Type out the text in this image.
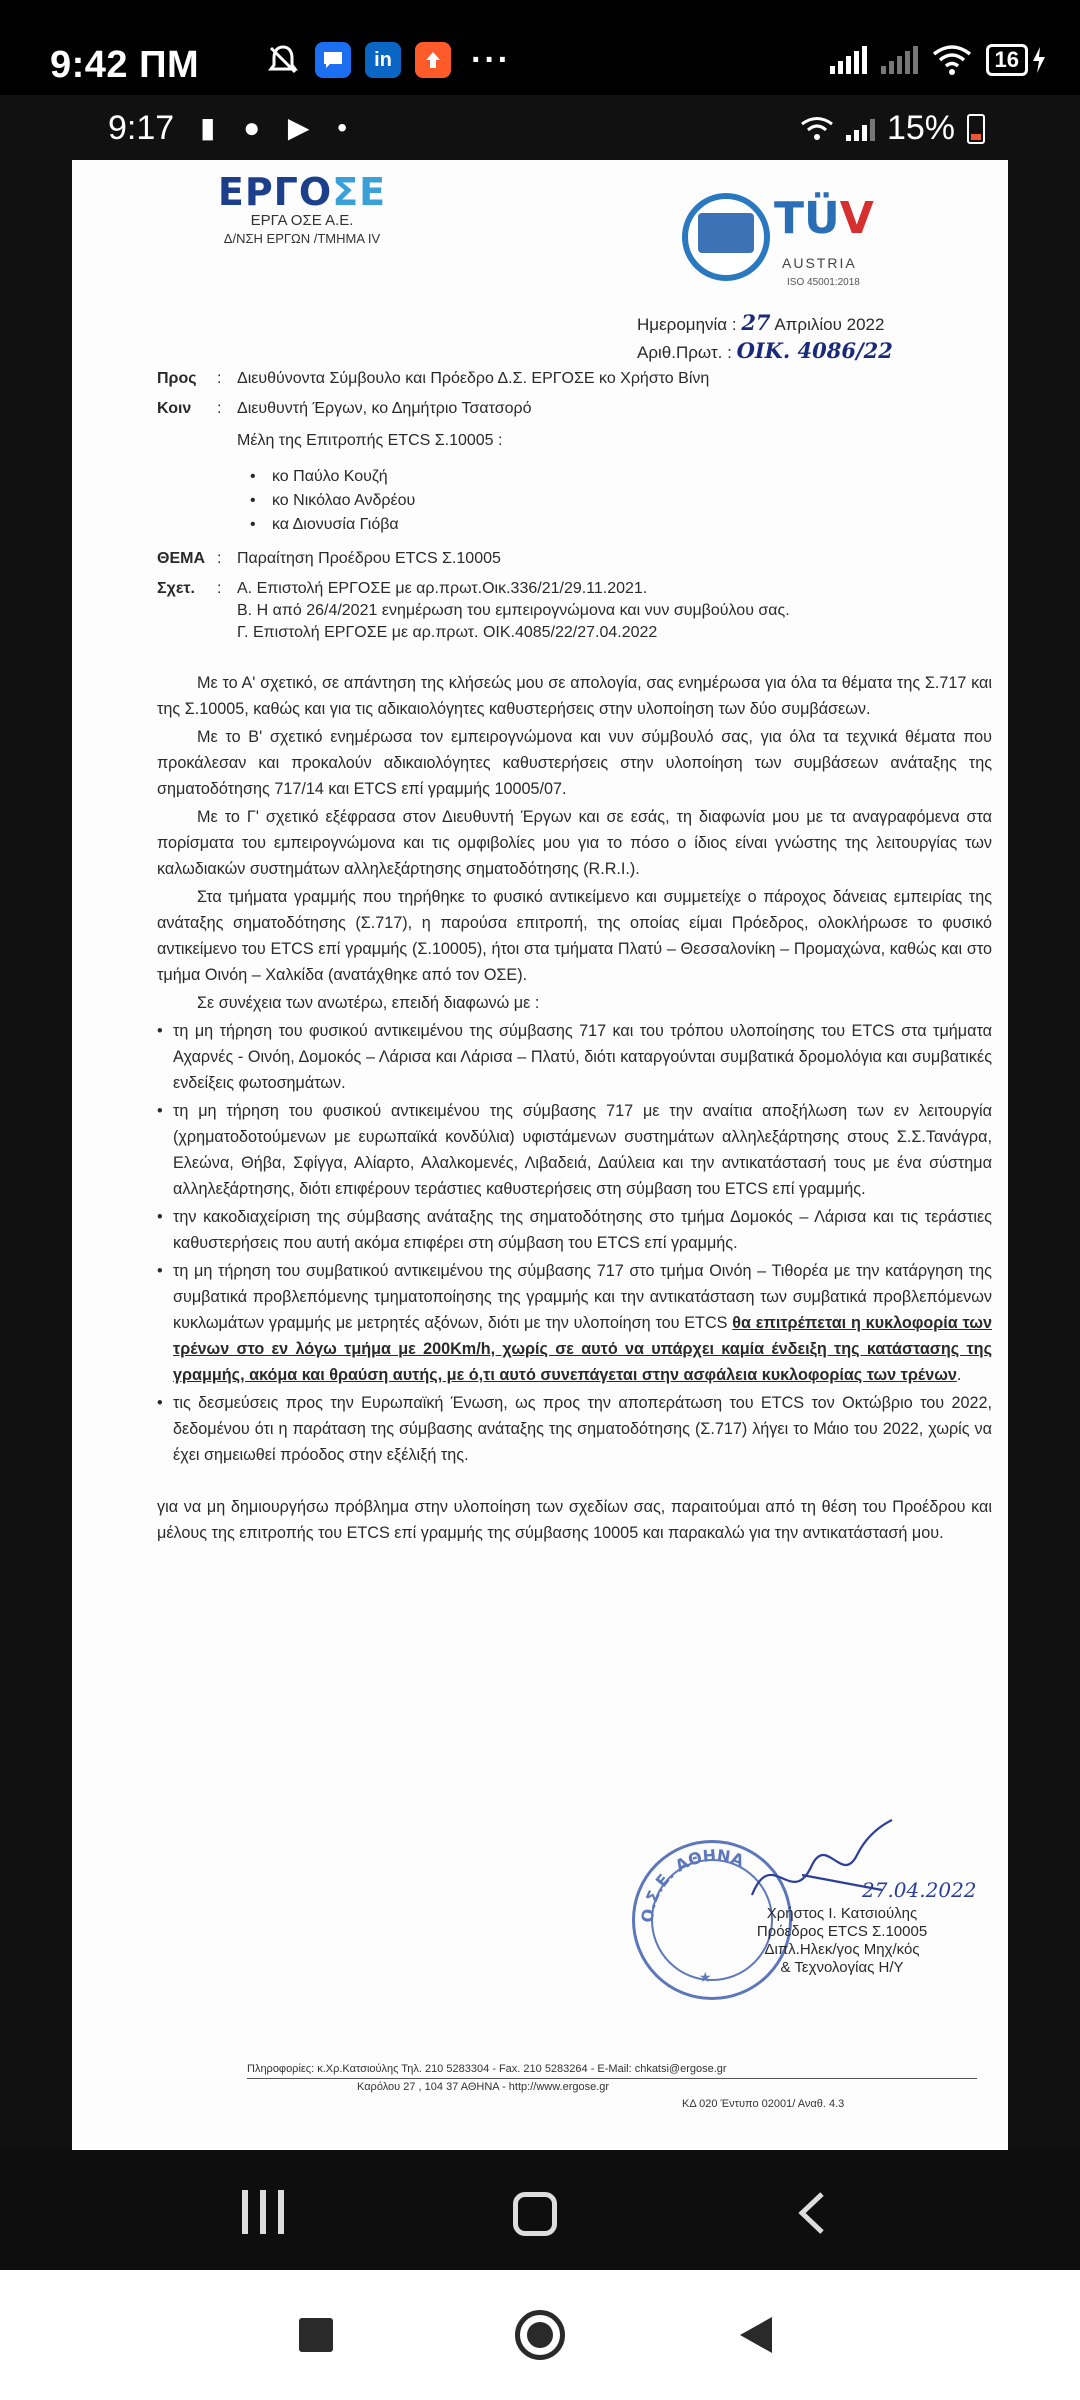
9:42 ΠΜ	in ···	16
9:17 ▮ ● ▶ •	15%
ΕΡΓΟΣΕ
ΕΡΓΑ ΟΣΕ Α.Ε.
Δ/ΝΣΗ ΕΡΓΩΝ /ΤΜΗΜΑ IV	TÜV
AUSTRIA
ISO 45001:2018
Ημερομηνία : 27 Απριλίου 2022
Αριθ.Πρωτ. : ΟΙΚ. 4086/22
Προς	: Διευθύνοντα Σύμβουλο και Πρόεδρο Δ.Σ. ΕΡΓΟΣΕ κο Χρήστο Βίνη
Κοιν	: Διευθυντή Έργων, κο Δημήτριο Τσατσορό
Μέλη της Επιτροπής ETCS Σ.10005 :
• κο Παύλο Κουζή
• κο Νικόλαο Ανδρέου
• κα Διονυσία Γιόβα
ΘΕΜΑ : Παραίτηση Προέδρου ETCS Σ.10005
Σχετ.	: Α. Επιστολή ΕΡΓΟΣΕ με αρ.πρωτ.Οικ.336/21/29.11.2021.
Β. Η από 26/4/2021 ενημέρωση του εμπειρογνώμονα και νυν συμβούλου σας.
Γ. Επιστολή ΕΡΓΟΣΕ με αρ.πρωτ. ΟΙΚ.4085/22/27.04.2022

Με το Α' σχετικό, σε απάντηση της κλήσεώς μου σε απολογία, σας ενημέρωσα για όλα τα θέματα της Σ.717 και της Σ.10005, καθώς και για τις αδικαιολόγητες καθυστερήσεις στην υλοποίηση των δύο συμβάσεων.

Με το Β' σχετικό ενημέρωσα τον εμπειρογνώμονα και νυν σύμβουλό σας, για όλα τα τεχνικά θέματα που προκάλεσαν και προκαλούν αδικαιολόγητες καθυστερήσεις στην υλοποίηση των συμβάσεων ανάταξης της σηματοδότησης 717/14 και ETCS επί γραμμής 10005/07.

Με το Γ' σχετικό εξέφρασα στον Διευθυντή Έργων και σε εσάς, τη διαφωνία μου με τα αναγραφόμενα στα πορίσματα του εμπειρογνώμονα και τις ομφιβολίες μου για το πόσο ο ίδιος είναι γνώστης της λειτουργίας των καλωδιακών συστημάτων αλληλεξάρτησης σηματοδότησης (R.R.I.).

Στα τμήματα γραμμής που τηρήθηκε το φυσικό αντικείμενο και συμμετείχε ο πάροχος δάνειας εμπειρίας της ανάταξης σηματοδότησης (Σ.717), η παρούσα επιτροπή, της οποίας είμαι Πρόεδρος, ολοκλήρωσε το φυσικό αντικείμενο του ETCS επί γραμμής (Σ.10005), ήτοι στα τμήματα Πλατύ – Θεσσαλονίκη – Προμαχώνα, καθώς και στο τμήμα Οινόη – Χαλκίδα (ανατάχθηκε από τον ΟΣΕ).

Σε συνέχεια των ανωτέρω, επειδή διαφωνώ με :

• τη μη τήρηση του φυσικού αντικειμένου της σύμβασης 717 και του τρόπου υλοποίησης του ETCS στα τμήματα Αχαρνές - Οινόη, Δομοκός – Λάρισα και Λάρισα – Πλατύ, διότι καταργούνται συμβατικά δρομολόγια και συμβατικές ενδείξεις φωτοσημάτων.
• τη μη τήρηση του φυσικού αντικειμένου της σύμβασης 717 με την αναίτια αποξήλωση των εν λειτουργία (χρηματοδοτούμενων με ευρωπαϊκά κονδύλια) υφιστάμενων συστημάτων αλληλεξάρτησης στους Σ.Σ.Τανάγρα, Ελεώνα, Θήβα, Σφίγγα, Αλίαρτο, Αλαλκομενές, Λιβαδειά, Δαύλεια και την αντικατάστασή τους με ένα σύστημα αλληλεξάρτησης, διότι επιφέρουν τεράστιες καθυστερήσεις στη σύμβαση του ETCS επί γραμμής.
• την κακοδιαχείριση της σύμβασης ανάταξης της σηματοδότησης στο τμήμα Δομοκός – Λάρισα και τις τεράστιες καθυστερήσεις που αυτή ακόμα επιφέρει στη σύμβαση του ETCS επί γραμμής.
• τη μη τήρηση του συμβατικού αντικειμένου της σύμβασης 717 στο τμήμα Οινόη – Τιθορέα με την κατάργηση της συμβατικά προβλεπόμενης τμηματοποίησης της γραμμής και την αντικατάσταση των συμβατικά προβλεπόμενων κυκλωμάτων γραμμής με μετρητές αξόνων, διότι με την υλοποίηση του ETCS θα επιτρέπεται η κυκλοφορία των τρένων στο εν λόγω τμήμα με 200Km/h, χωρίς σε αυτό να υπάρχει καμία ένδειξη της κατάστασης της γραμμής, ακόμα και θραύση αυτής, με ό,τι αυτό συνεπάγεται στην ασφάλεια κυκλοφορίας των τρένων.
• τις δεσμεύσεις προς την Ευρωπαϊκή Ένωση, ως προς την αποπεράτωση του ETCS τον Οκτώβριο του 2022, δεδομένου ότι η παράταση της σύμβασης ανάταξης της σηματοδότησης (Σ.717) λήγει το Μάιο του 2022, χωρίς να έχει σημειωθεί πρόοδος στην εξέλιξή της.

για να μη δημιουργήσω πρόβλημα στην υλοποίηση των σχεδίων σας, παραιτούμαι από τη θέση του Προέδρου και μέλους της επιτροπής του ETCS επί γραμμής της σύμβασης 10005 και παρακαλώ για την αντικατάστασή μου.

Ο.Σ.Ε. ΑΘΗΝΑ
★
27.04.2022
Χρήστος Ι. Κατσιούλης
Πρόεδρος ETCS Σ.10005
Διπλ.Ηλεκ/γος Μηχ/κός
& Τεχνολογίας Η/Υ
Πληροφορίες: κ.Χρ.Κατσιούλης Τηλ. 210 5283304 - Fax. 210 5283264 - E-Mail: chkatsi@ergose.gr
Καρόλου 27 , 104 37 ΑΘΗΝΑ - http://www.ergose.gr
ΚΔ 020 Έντυπο 02001/ Αναθ. 4.3
